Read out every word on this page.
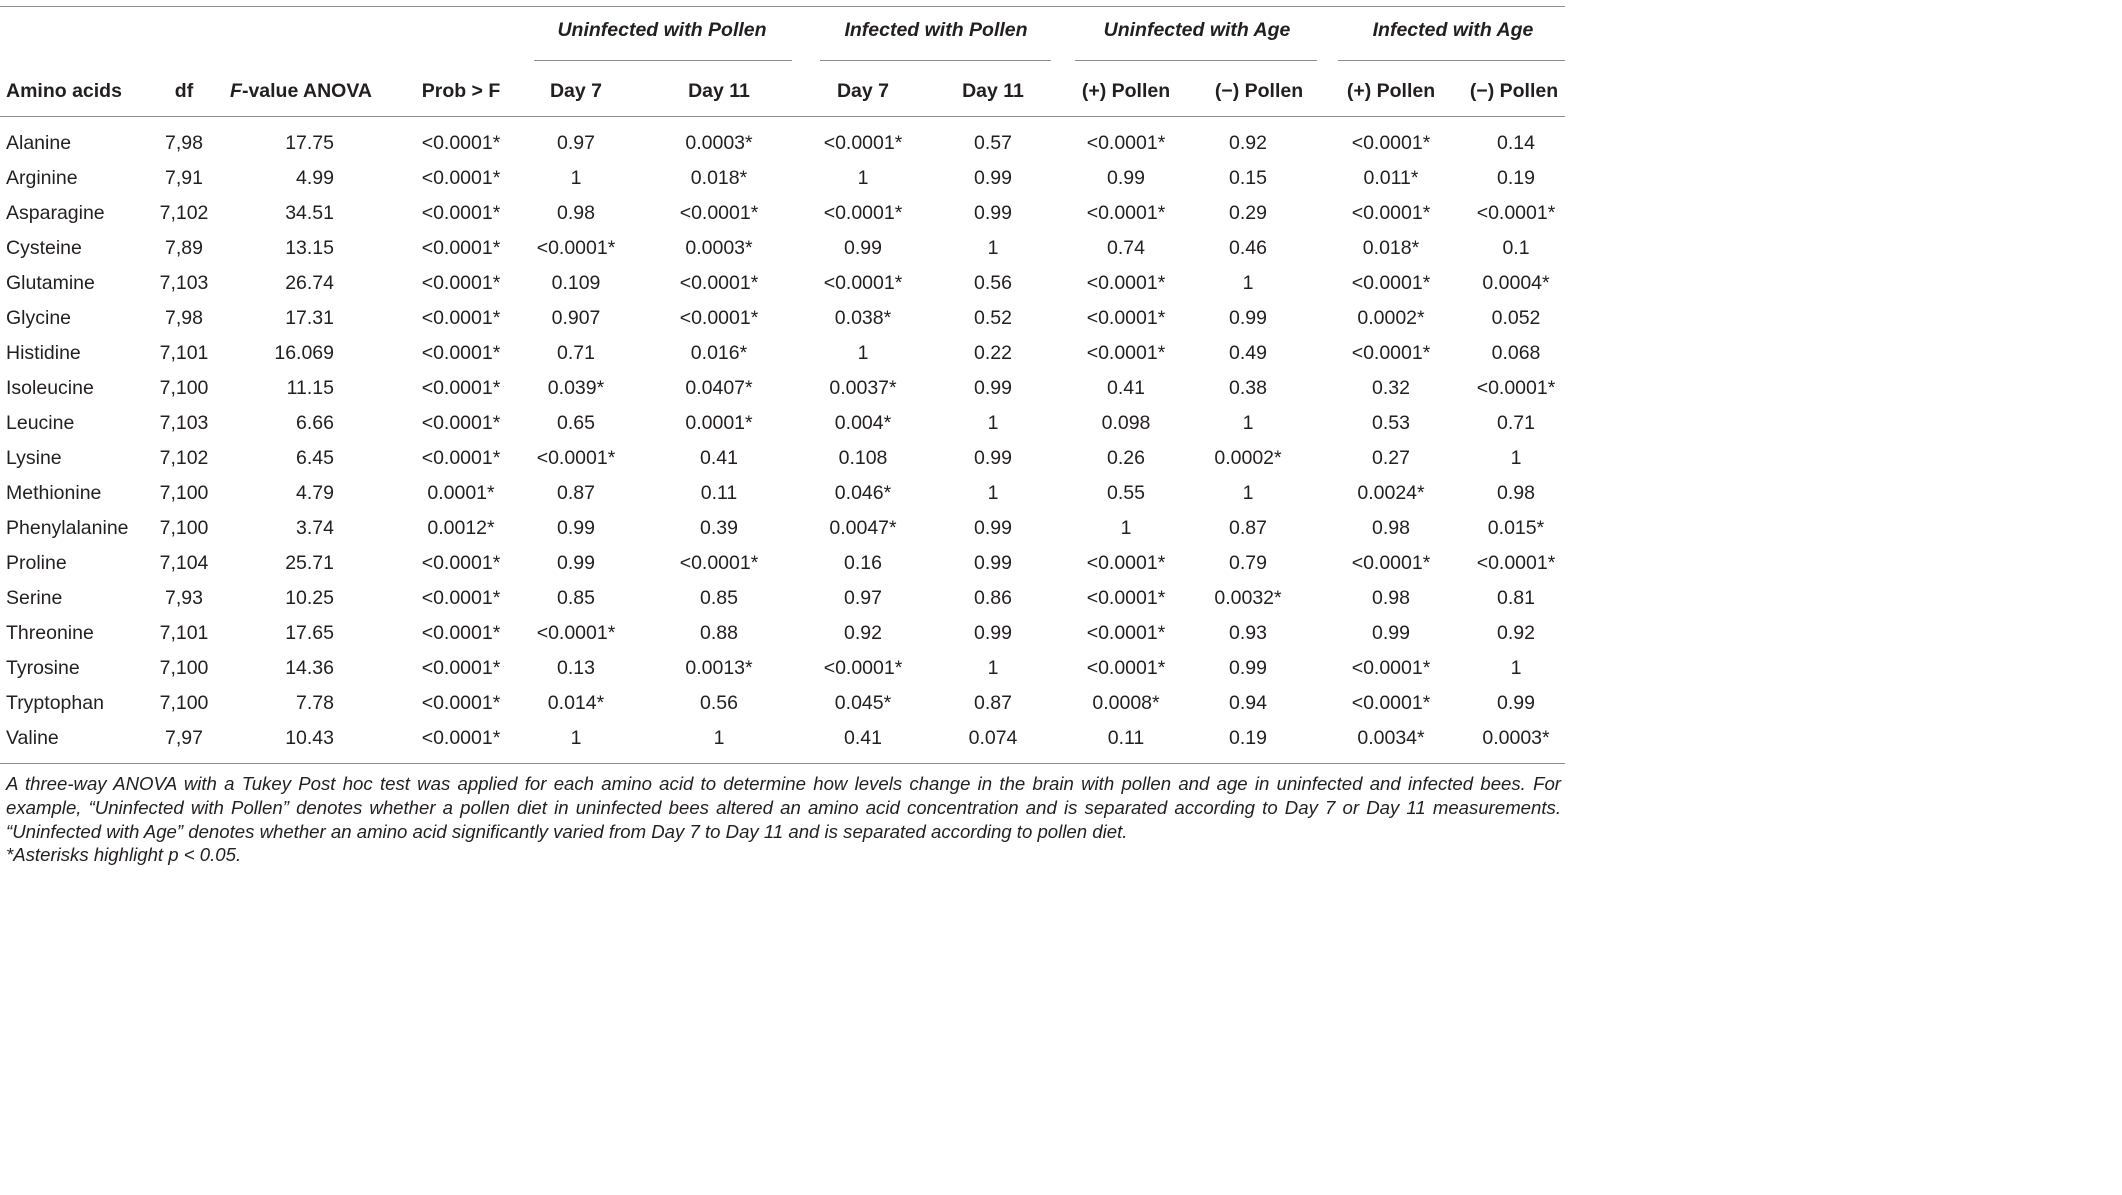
Uninfected with Pollen	Infected with Pollen	Uninfected with Age	Infected with Age
Amino acids	df F-value ANOVA	Prob > F	Day 7	Day 11	Day 7	Day 11	(+) Pollen (−) Pollen (+) Pollen (−) Pollen
Alanine	7,98	17.75	<0.0001*	0.97	0.0003*	<0.0001*	0.57	<0.0001*	0.92	<0.0001*	0.14
Arginine	7,91	4.99	<0.0001*	1	0.018*	1	0.99	0.99	0.15	0.011*	0.19
Asparagine	7,102	34.51	<0.0001*	0.98	<0.0001*	<0.0001*	0.99	<0.0001*	0.29	<0.0001* <0.0001*
Cysteine	7,89	13.15	<0.0001* <0.0001*	0.0003*	0.99	1	0.74	0.46	0.018*	0.1
Glutamine	7,103	26.74	<0.0001*	0.109	<0.0001*	<0.0001*	0.56	<0.0001*	1	<0.0001*	0.0004*
Glycine	7,98	17.31	<0.0001*	0.907	<0.0001*	0.038*	0.52	<0.0001*	0.99	0.0002*	0.052
Histidine	7,101	16.069	<0.0001*	0.71	0.016*	1	0.22	<0.0001*	0.49	<0.0001*	0.068
Isoleucine	7,100	11.15	<0.0001* 0.039*	0.0407*	0.0037*	0.99	0.41	0.38	0.32	<0.0001*
Leucine	7,103	6.66	<0.0001*	0.65	0.0001*	0.004*	1	0.098	1	0.53	0.71
Lysine	7,102	6.45	<0.0001* <0.0001*	0.41	0.108	0.99	0.26	0.0002*	0.27	1
Methionine	7,100	4.79	0.0001*	0.87	0.11	0.046*	1	0.55	1	0.0024*	0.98
Phenylalanine 7,100	3.74	0.0012*	0.99	0.39	0.0047*	0.99	1	0.87	0.98	0.015*
Proline	7,104	25.71	<0.0001*	0.99	<0.0001*	0.16	0.99	<0.0001*	0.79	<0.0001* <0.0001*
Serine	7,93	10.25	<0.0001*	0.85	0.85	0.97	0.86	<0.0001*	0.0032*	0.98	0.81
Threonine	7,101	17.65	<0.0001* <0.0001*	0.88	0.92	0.99	<0.0001*	0.93	0.99	0.92
Tyrosine	7,100	14.36	<0.0001*	0.13	0.0013*	<0.0001*	1	<0.0001*	0.99	<0.0001*	1
Tryptophan	7,100	7.78	<0.0001* 0.014*	0.56	0.045*	0.87	0.0008*	0.94	<0.0001*	0.99
Valine	7,97	10.43	<0.0001*	1	1	0.41	0.074	0.11	0.19	0.0034*	0.0003*

A three-way ANOVA with a Tukey Post hoc test was applied for each amino acid to determine how levels change in the brain with pollen and age in uninfected and infected bees. For example, “Uninfected with Pollen” denotes whether a pollen diet in uninfected bees altered an amino acid concentration and is separated according to Day 7 or Day 11 measurements. “Uninfected with Age” denotes whether an amino acid significantly varied from Day 7 to Day 11 and is separated according to pollen diet.

*Asterisks highlight p < 0.05.
